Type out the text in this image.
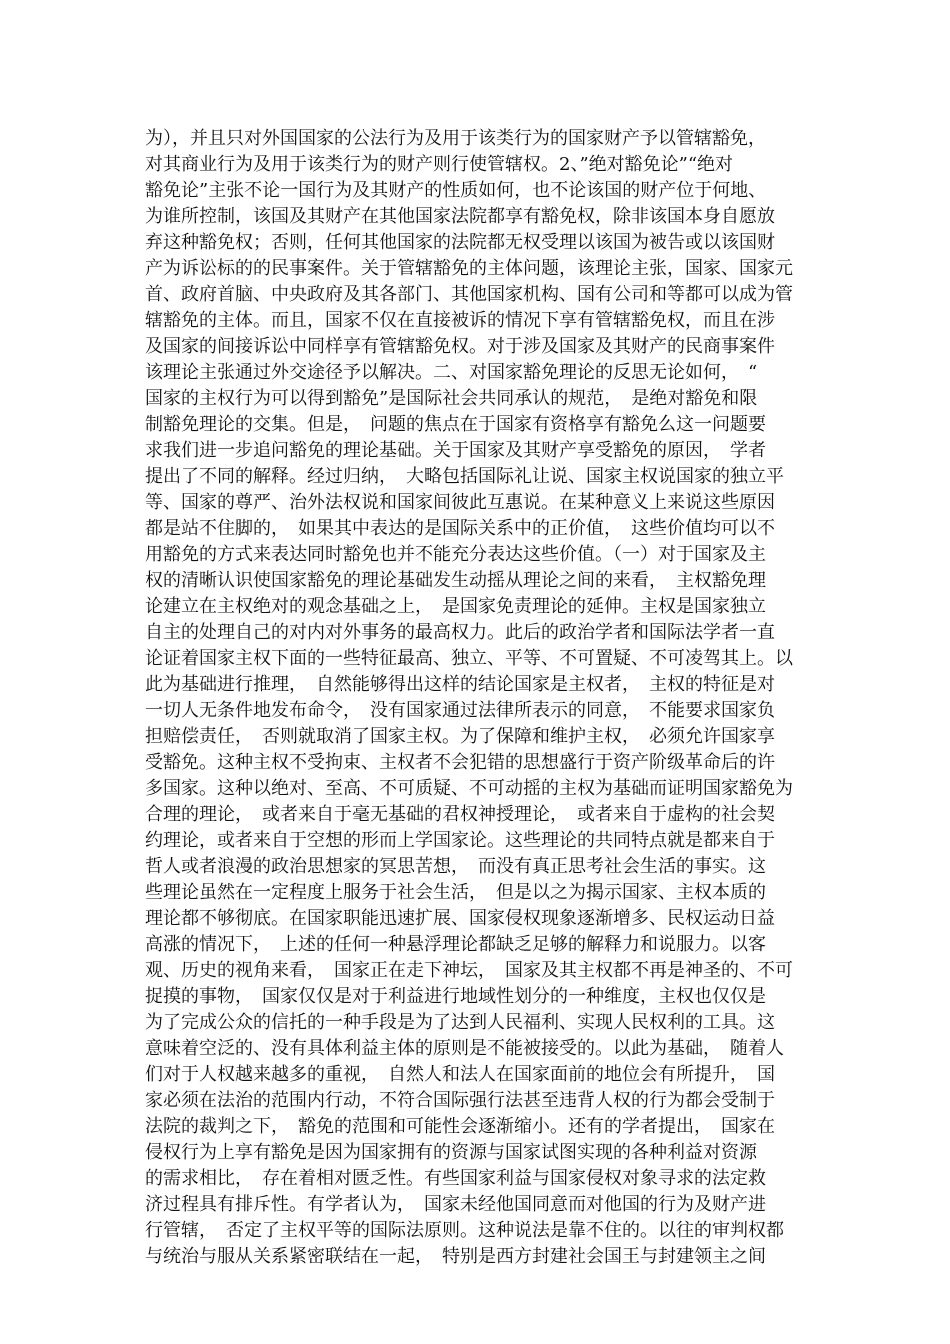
为），并且只对外国国家的公法行为及用于该类行为的国家财产予以管辖豁免，
对其商业行为及用于该类行为的财产则行使管辖权。2、”绝对豁免论”“绝对
豁免论”主张不论一国行为及其财产的性质如何，也不论该国的财产位于何地、
为谁所控制，该国及其财产在其他国家法院都享有豁免权，除非该国本身自愿放
弃这种豁免权；否则，任何其他国家的法院都无权受理以该国为被告或以该国财
产为诉讼标的的民事案件。关于管辖豁免的主体问题，该理论主张，国家、国家元
首、政府首脑、中央政府及其各部门、其他国家机构、国有公司和等都可以成为管
辖豁免的主体。而且，国家不仅在直接被诉的情况下享有管辖豁免权，而且在涉
及国家的间接诉讼中同样享有管辖豁免权。对于涉及国家及其财产的民商事案件
该理论主张通过外交途径予以解决。二、对国家豁免理论的反思无论如何，　“
国家的主权行为可以得到豁免”是国际社会共同承认的规范，　是绝对豁免和限
制豁免理论的交集。但是，　问题的焦点在于国家有资格享有豁免么这一问题要
求我们进一步追问豁免的理论基础。关于国家及其财产享受豁免的原因，　学者
提出了不同的解释。经过归纳，　大略包括国际礼让说、国家主权说国家的独立平
等、国家的尊严、治外法权说和国家间彼此互惠说。在某种意义上来说这些原因
都是站不住脚的，　如果其中表达的是国际关系中的正价值，　这些价值均可以不
用豁免的方式来表达同时豁免也并不能充分表达这些价值。（一）对于国家及主
权的清晰认识使国家豁免的理论基础发生动摇从理论之间的来看，　主权豁免理
论建立在主权绝对的观念基础之上，　是国家免责理论的延伸。主权是国家独立
自主的处理自己的对内对外事务的最高权力。此后的政治学者和国际法学者一直
论证着国家主权下面的一些特征最高、独立、平等、不可置疑、不可凌驾其上。以
此为基础进行推理，　自然能够得出这样的结论国家是主权者，　主权的特征是对
一切人无条件地发布命令，　没有国家通过法律所表示的同意，　不能要求国家负
担赔偿责任，　否则就取消了国家主权。为了保障和维护主权，　必须允许国家享
受豁免。这种主权不受拘束、主权者不会犯错的思想盛行于资产阶级革命后的许
多国家。这种以绝对、至高、不可质疑、不可动摇的主权为基础而证明国家豁免为
合理的理论，　或者来自于毫无基础的君权神授理论，　或者来自于虚构的社会契
约理论，或者来自于空想的形而上学国家论。这些理论的共同特点就是都来自于
哲人或者浪漫的政治思想家的冥思苦想，　而没有真正思考社会生活的事实。这
些理论虽然在一定程度上服务于社会生活，　但是以之为揭示国家、主权本质的
理论都不够彻底。在国家职能迅速扩展、国家侵权现象逐渐增多、民权运动日益
高涨的情况下，　上述的任何一种悬浮理论都缺乏足够的解释力和说服力。以客
观、历史的视角来看，　国家正在走下神坛，　国家及其主权都不再是神圣的、不可
捉摸的事物，　国家仅仅是对于利益进行地域性划分的一种维度，主权也仅仅是
为了完成公众的信托的一种手段是为了达到人民福利、实现人民权利的工具。这
意味着空泛的、没有具体利益主体的原则是不能被接受的。以此为基础，　随着人
们对于人权越来越多的重视，　自然人和法人在国家面前的地位会有所提升，　国
家必须在法治的范围内行动，不符合国际强行法甚至违背人权的行为都会受制于
法院的裁判之下，　豁免的范围和可能性会逐渐缩小。还有的学者提出，　国家在
侵权行为上享有豁免是因为国家拥有的资源与国家试图实现的各种利益对资源
的需求相比，　存在着相对匮乏性。有些国家利益与国家侵权对象寻求的法定救
济过程具有排斥性。有学者认为，　国家未经他国同意而对他国的行为及财产进
行管辖，　否定了主权平等的国际法原则。这种说法是靠不住的。以往的审判权都
与统治与服从关系紧密联结在一起，　特别是西方封建社会国王与封建领主之间
